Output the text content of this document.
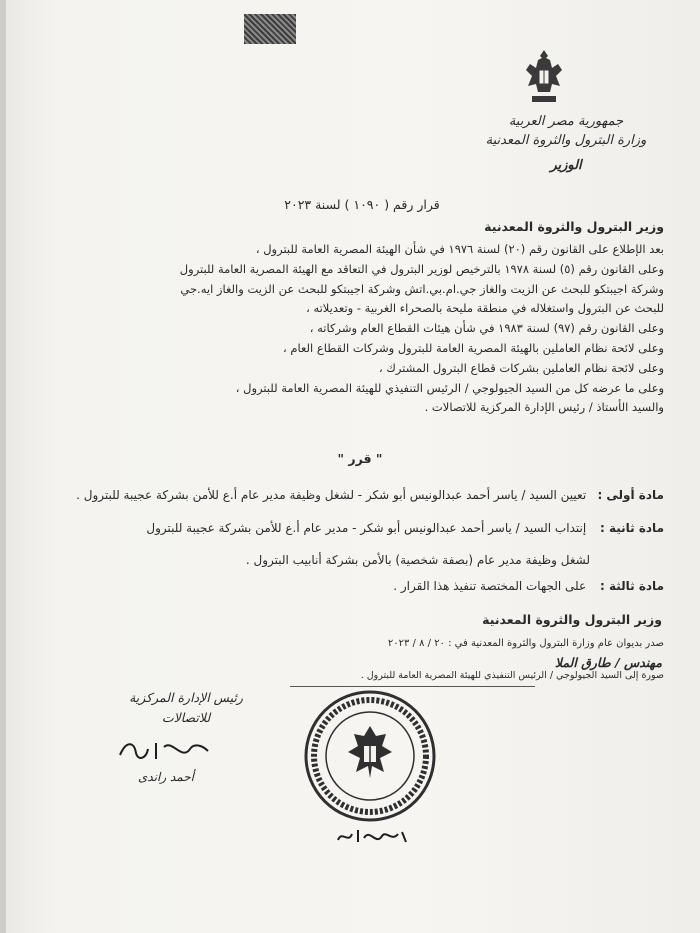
جمهورية مصر العربية
وزارة البترول والثروة المعدنية
الوزير
قرار رقم ( ١٠٩٠ ) لسنة ٢٠٢٣
وزير البترول والثروة المعدنية
بعد الإطلاع على القانون رقم (٢٠) لسنة ١٩٧٦ في شأن الهيئة المصرية العامة للبترول ،
وعلى القانون رقم (٥) لسنة ١٩٧٨ بالترخيص لوزير البترول في التعاقد مع الهيئة المصرية العامة للبترول
وشركة اجيبتكو للبحث عن الزيت والغاز جي.ام.بي.اتش وشركة اجيبتكو للبحث عن الزيت والغاز ايه.جي
للبحث عن البترول واستغلاله في منطقة مليحة بالصحراء الغربية - وتعديلاته ،
وعلى القانون رقم (٩٧) لسنة ١٩٨٣ في شأن هيئات القطاع العام وشركاته ،
وعلى لائحة نظام العاملين بالهيئة المصرية العامة للبترول وشركات القطاع العام ،
وعلى لائحة نظام العاملين بشركات قطاع البترول المشترك ،
وعلى ما عرضه كل من السيد الجيولوجي / الرئيس التنفيذي للهيئة المصرية العامة للبترول ،
والسيد الأستاذ / رئيس الإدارة المركزية للاتصالات .
" قرر "
مادة أولى : تعيين السيد / ياسر أحمد عبدالونيس أبو شكر - لشغل وظيفة مدير عام أ.ع للأمن بشركة عجيبة للبترول .
مادة ثانية : إنتداب السيد / ياسر أحمد عبدالونيس أبو شكر - مدير عام أ.ع للأمن بشركة عجيبة للبترول
لشغل وظيفة مدير عام (بصفة شخصية) بالأمن بشركة أنابيب البترول .
مادة ثالثة : على الجهات المختصة تنفيذ هذا القرار .
وزير البترول والثروة المعدنية
صدر بديوان عام وزارة البترول والثروة المعدنية في : ٢٠ / ٨ / ٢٠٢٣
مهندس / طارق الملا
صورة إلى السيد الجيولوجي / الرئيس التنفيذي للهيئة المصرية العامة للبترول .
رئيس الإدارة المركزية
للاتصالات
أحمد راندى
